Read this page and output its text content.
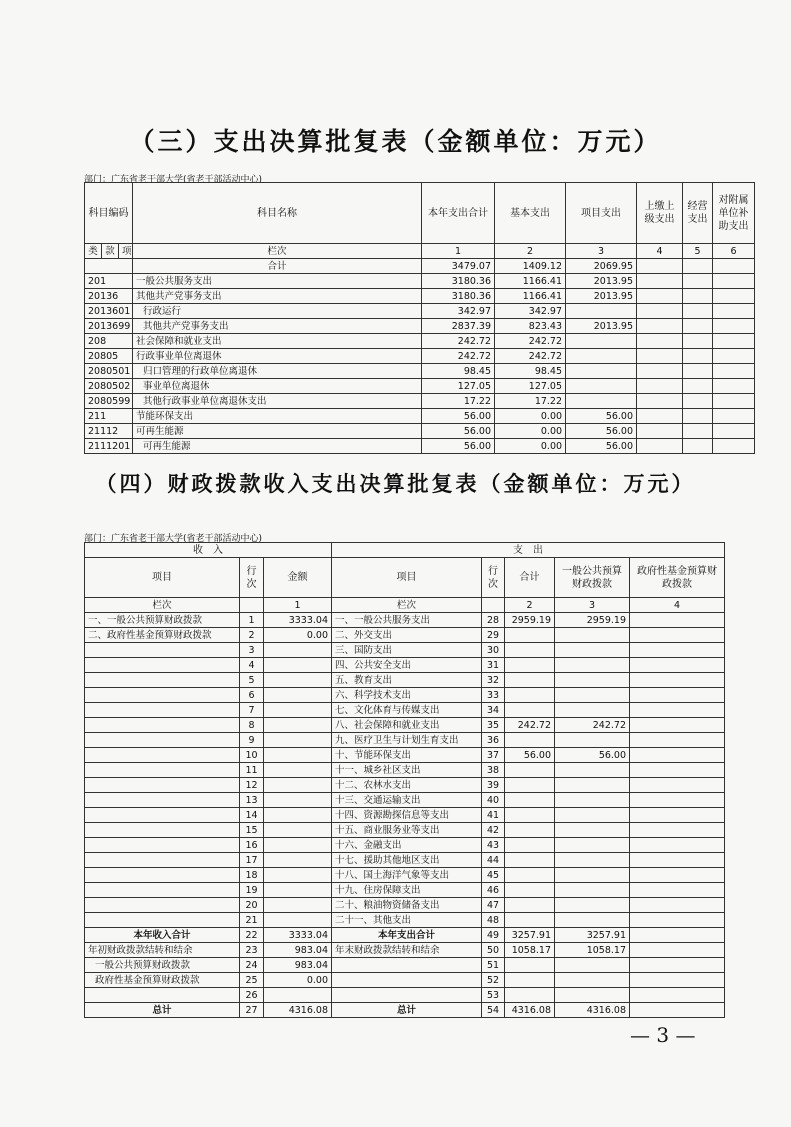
（三）支出决算批复表（金额单位：万元）
部门：广东省老干部大学(省老干部活动中心)
科目编码			科目名称	本年支出合计	基本支出	项目支出	上缴上级支出	经营支出	对附属单位补助支出
类	款	项	栏次	1	2	3	4	5	6
			合计	3479.07	1409.12	2069.95			
201			一般公共服务支出	3180.36	1166.41	2013.95			
20136			其他共产党事务支出	3180.36	1166.41	2013.95			
2013601			行政运行	342.97	342.97				
2013699			其他共产党事务支出	2837.39	823.43	2013.95			
208			社会保障和就业支出	242.72	242.72				
20805			行政事业单位离退休	242.72	242.72				
2080501			归口管理的行政单位离退休	98.45	98.45				
2080502			事业单位离退休	127.05	127.05				
2080599			其他行政事业单位离退休支出	17.22	17.22				
211			节能环保支出	56.00	0.00	56.00			
21112			可再生能源	56.00	0.00	56.00			
2111201			可再生能源	56.00	0.00	56.00			
（四）财政拨款收入支出决算批复表（金额单位：万元）
部门：广东省老干部大学(省老干部活动中心)
收　入			支　出				
项目	行次	金额	项目	行次	合计	一般公共预算财政拨款	政府性基金预算财政拨款
栏次		1	栏次		2	3	4
一、一般公共预算财政拨款	1	3333.04	一、一般公共服务支出	28	2959.19	2959.19	
二、政府性基金预算财政拨款	2	0.00	二、外交支出	29			
	3		三、国防支出	30			
	4		四、公共安全支出	31			
	5		五、教育支出	32			
	6		六、科学技术支出	33			
	7		七、文化体育与传媒支出	34			
	8		八、社会保障和就业支出	35	242.72	242.72	
	9		九、医疗卫生与计划生育支出	36			
	10		十、节能环保支出	37	56.00	56.00	
	11		十一、城乡社区支出	38			
	12		十二、农林水支出	39			
	13		十三、交通运输支出	40			
	14		十四、资源勘探信息等支出	41			
	15		十五、商业服务业等支出	42			
	16		十六、金融支出	43			
	17		十七、援助其他地区支出	44			
	18		十八、国土海洋气象等支出	45			
	19		十九、住房保障支出	46			
	20		二十、粮油物资储备支出	47			
	21		二十一、其他支出	48			
本年收入合计	22	3333.04	本年支出合计	49	3257.91	3257.91	
年初财政拨款结转和结余	23	983.04	年末财政拨款结转和结余	50	1058.17	1058.17	
一般公共预算财政拨款	24	983.04		51			
政府性基金预算财政拨款	25	0.00		52			
	26			53			
总计	27	4316.08	总计	54	4316.08	4316.08	
— 3 —
